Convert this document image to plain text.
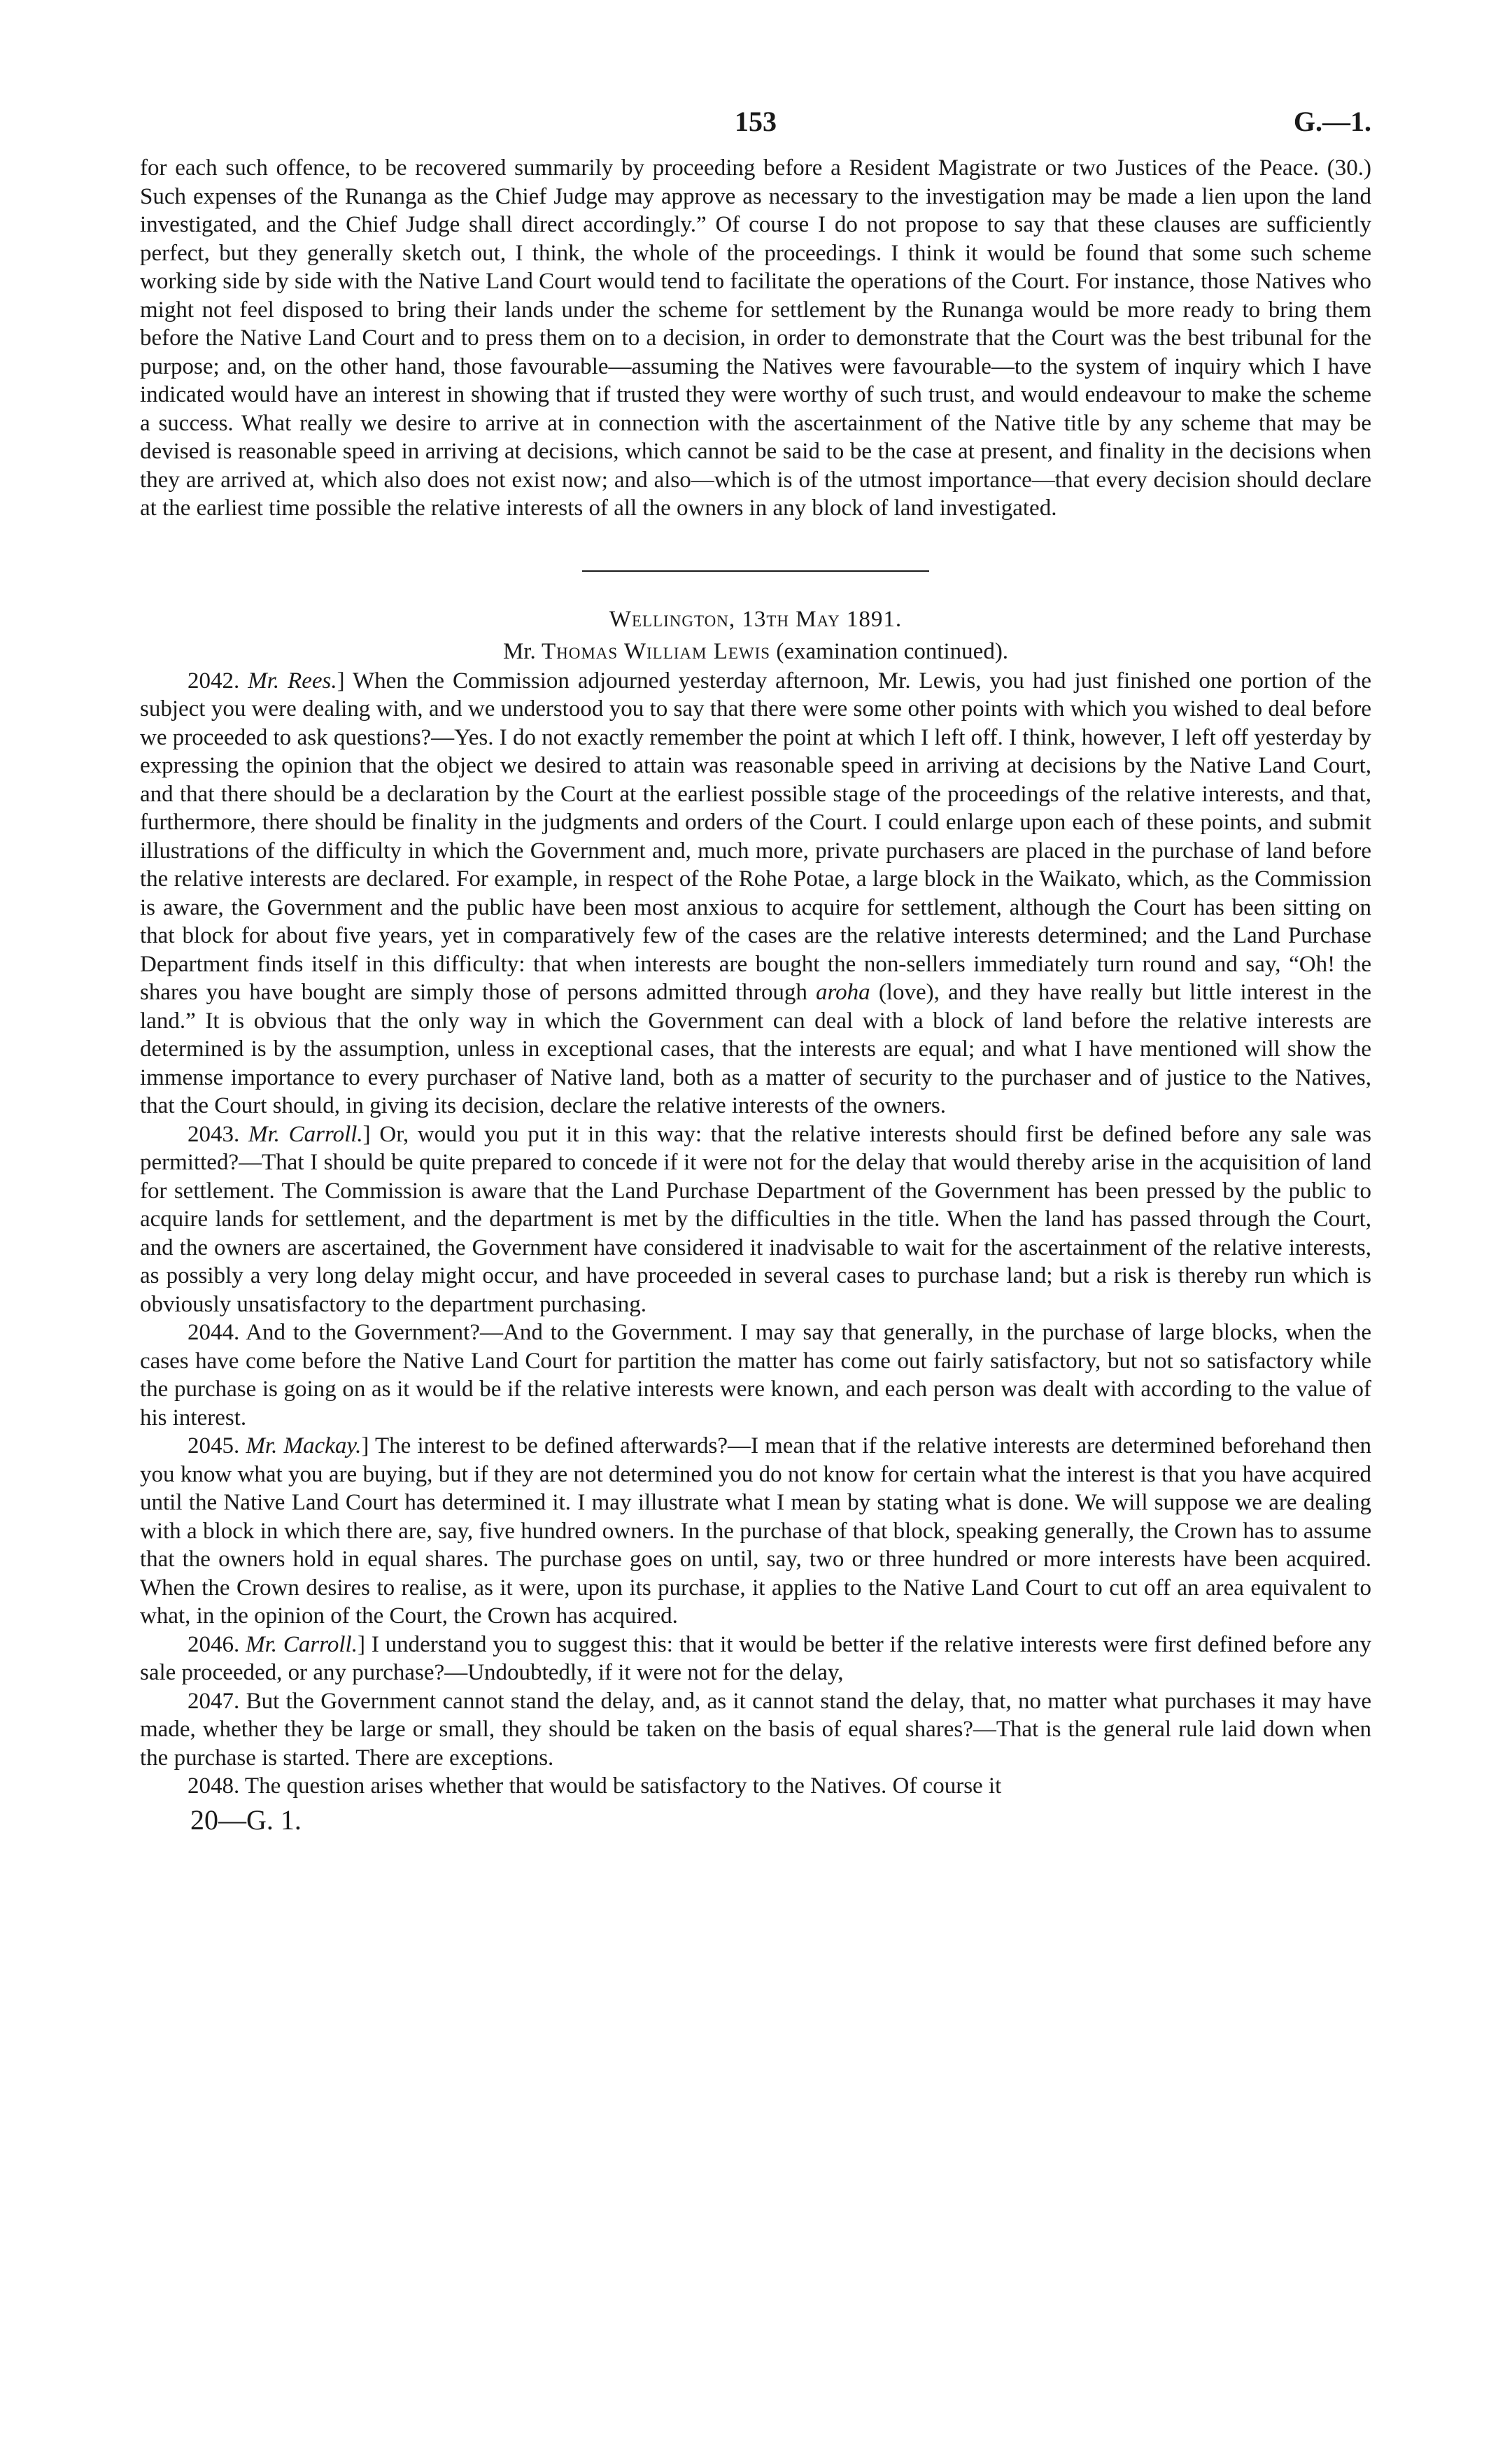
153	G.—1.

for each such offence, to be recovered summarily by proceeding before a Resident Magistrate or two Justices of the Peace. (30.) Such expenses of the Runanga as the Chief Judge may approve as necessary to the investigation may be made a lien upon the land investigated, and the Chief Judge shall direct accordingly.” Of course I do not propose to say that these clauses are sufficiently perfect, but they generally sketch out, I think, the whole of the proceedings. I think it would be found that some such scheme working side by side with the Native Land Court would tend to facilitate the operations of the Court. For instance, those Natives who might not feel disposed to bring their lands under the scheme for settlement by the Runanga would be more ready to bring them before the Native Land Court and to press them on to a decision, in order to demonstrate that the Court was the best tribunal for the purpose; and, on the other hand, those favourable—assuming the Natives were favourable—to the system of inquiry which I have indicated would have an interest in showing that if trusted they were worthy of such trust, and would endeavour to make the scheme a success. What really we desire to arrive at in connection with the ascertainment of the Native title by any scheme that may be devised is reasonable speed in arriving at decisions, which cannot be said to be the case at present, and finality in the decisions when they are arrived at, which also does not exist now; and also—which is of the utmost importance—that every decision should declare at the earliest time possible the relative interests of all the owners in any block of land investigated.

Wellington, 13th May 1891.
Mr. Thomas William Lewis (examination continued).

2042. Mr. Rees.] When the Commission adjourned yesterday afternoon, Mr. Lewis, you had just finished one portion of the subject you were dealing with, and we understood you to say that there were some other points with which you wished to deal before we proceeded to ask questions?—Yes. I do not exactly remember the point at which I left off. I think, however, I left off yesterday by expressing the opinion that the object we desired to attain was reasonable speed in arriving at decisions by the Native Land Court, and that there should be a declaration by the Court at the earliest possible stage of the proceedings of the relative interests, and that, furthermore, there should be finality in the judgments and orders of the Court. I could enlarge upon each of these points, and submit illustrations of the difficulty in which the Government and, much more, private purchasers are placed in the purchase of land before the relative interests are declared. For example, in respect of the Rohe Potae, a large block in the Waikato, which, as the Commission is aware, the Government and the public have been most anxious to acquire for settlement, although the Court has been sitting on that block for about five years, yet in comparatively few of the cases are the relative interests determined; and the Land Purchase Department finds itself in this difficulty: that when interests are bought the non-sellers immediately turn round and say, “Oh! the shares you have bought are simply those of persons admitted through aroha (love), and they have really but little interest in the land.” It is obvious that the only way in which the Government can deal with a block of land before the relative interests are determined is by the assumption, unless in exceptional cases, that the interests are equal; and what I have mentioned will show the immense importance to every purchaser of Native land, both as a matter of security to the purchaser and of justice to the Natives, that the Court should, in giving its decision, declare the relative interests of the owners.

2043. Mr. Carroll.] Or, would you put it in this way: that the relative interests should first be defined before any sale was permitted?—That I should be quite prepared to concede if it were not for the delay that would thereby arise in the acquisition of land for settlement. The Commission is aware that the Land Purchase Department of the Government has been pressed by the public to acquire lands for settlement, and the department is met by the difficulties in the title. When the land has passed through the Court, and the owners are ascertained, the Government have considered it inadvisable to wait for the ascertainment of the relative interests, as possibly a very long delay might occur, and have proceeded in several cases to purchase land; but a risk is thereby run which is obviously unsatisfactory to the department purchasing.

2044. And to the Government?—And to the Government. I may say that generally, in the purchase of large blocks, when the cases have come before the Native Land Court for partition the matter has come out fairly satisfactory, but not so satisfactory while the purchase is going on as it would be if the relative interests were known, and each person was dealt with according to the value of his interest.

2045. Mr. Mackay.] The interest to be defined afterwards?—I mean that if the relative interests are determined beforehand then you know what you are buying, but if they are not determined you do not know for certain what the interest is that you have acquired until the Native Land Court has determined it. I may illustrate what I mean by stating what is done. We will suppose we are dealing with a block in which there are, say, five hundred owners. In the purchase of that block, speaking generally, the Crown has to assume that the owners hold in equal shares. The purchase goes on until, say, two or three hundred or more interests have been acquired. When the Crown desires to realise, as it were, upon its purchase, it applies to the Native Land Court to cut off an area equivalent to what, in the opinion of the Court, the Crown has acquired.

2046. Mr. Carroll.] I understand you to suggest this: that it would be better if the relative interests were first defined before any sale proceeded, or any purchase?—Undoubtedly, if it were not for the delay,

2047. But the Government cannot stand the delay, and, as it cannot stand the delay, that, no matter what purchases it may have made, whether they be large or small, they should be taken on the basis of equal shares?—That is the general rule laid down when the purchase is started. There are exceptions.

2048. The question arises whether that would be satisfactory to the Natives. Of course it

20—G. 1.
